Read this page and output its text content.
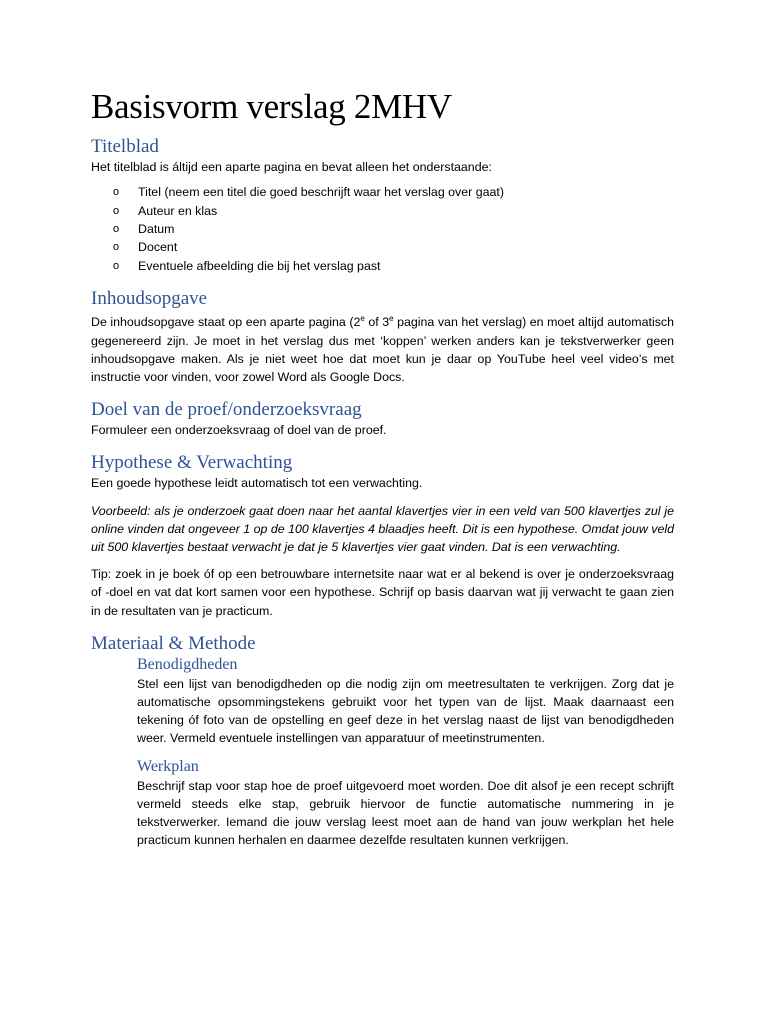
Basisvorm verslag 2MHV
Titelblad

Het titelblad is áltijd een aparte pagina en bevat alleen het onderstaande:

o Titel (neem een titel die goed beschrijft waar het verslag over gaat)
o Auteur en klas
o Datum
o Docent
o Eventuele afbeelding die bij het verslag past
Inhoudsopgave

De inhoudsopgave staat op een aparte pagina (2e of 3e pagina van het verslag) en moet altijd automatisch gegenereerd zijn. Je moet in het verslag dus met ‘koppen’ werken anders kan je tekstverwerker geen inhoudsopgave maken. Als je niet weet hoe dat moet kun je daar op YouTube heel veel video’s met instructie voor vinden, voor zowel Word als Google Docs.

Doel van de proef/onderzoeksvraag

Formuleer een onderzoeksvraag of doel van de proef.

Hypothese & Verwachting

Een goede hypothese leidt automatisch tot een verwachting.

Voorbeeld: als je onderzoek gaat doen naar het aantal klavertjes vier in een veld van 500 klavertjes zul je online vinden dat ongeveer 1 op de 100 klavertjes 4 blaadjes heeft. Dit is een hypothese. Omdat jouw veld uit 500 klavertjes bestaat verwacht je dat je 5 klavertjes vier gaat vinden. Dat is een verwachting.

Tip: zoek in je boek óf op een betrouwbare internetsite naar wat er al bekend is over je onderzoeksvraag of -doel en vat dat kort samen voor een hypothese. Schrijf op basis daarvan wat jij verwacht te gaan zien in de resultaten van je practicum.

Materiaal & Methode
Benodigdheden

Stel een lijst van benodigdheden op die nodig zijn om meetresultaten te verkrijgen. Zorg dat je automatische opsommingstekens gebruikt voor het typen van de lijst. Maak daarnaast een tekening óf foto van de opstelling en geef deze in het verslag naast de lijst van benodigdheden weer. Vermeld eventuele instellingen van apparatuur of meetinstrumenten.

Werkplan

Beschrijf stap voor stap hoe de proef uitgevoerd moet worden. Doe dit alsof je een recept schrijft vermeld steeds elke stap, gebruik hiervoor de functie automatische nummering in je tekstverwerker. Iemand die jouw verslag leest moet aan de hand van jouw werkplan het hele practicum kunnen herhalen en daarmee dezelfde resultaten kunnen verkrijgen.
